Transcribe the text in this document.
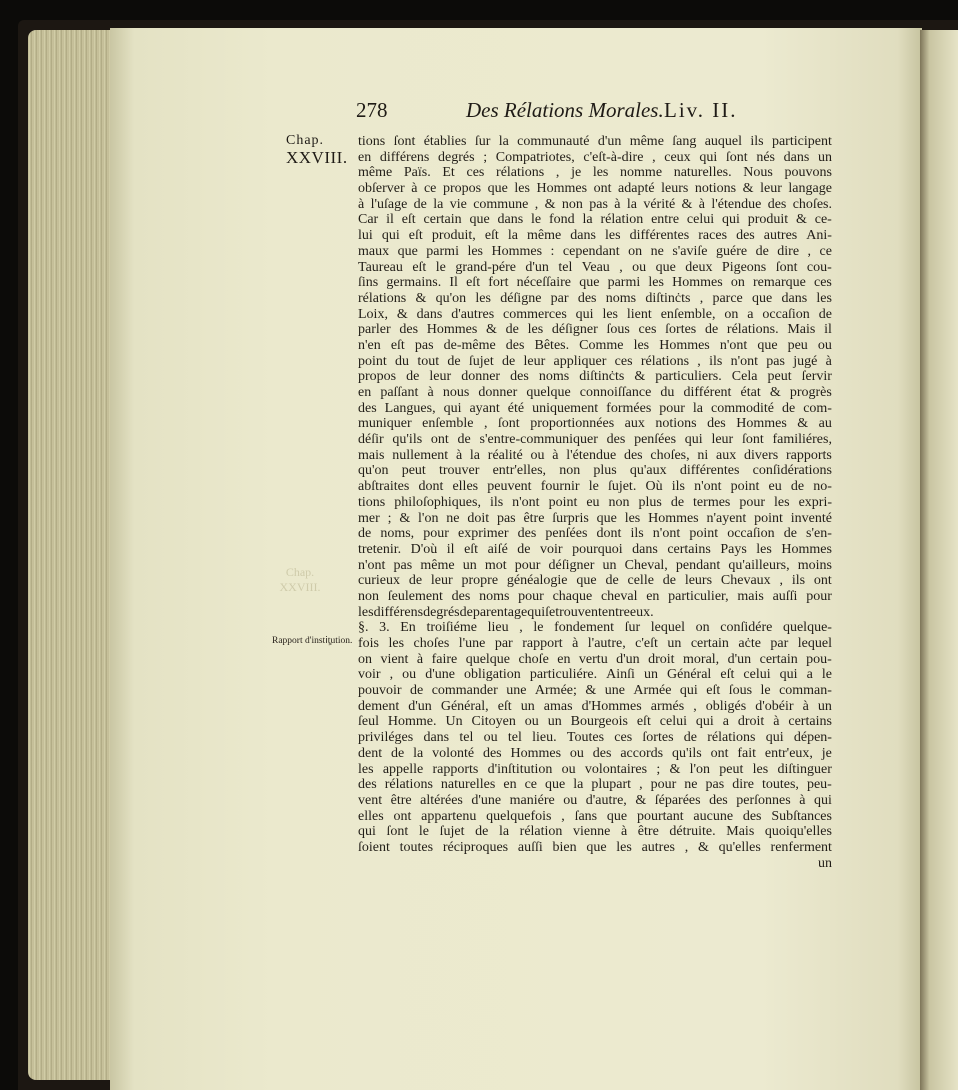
Chap.
XXVIII.
278	Des Rélations Morales. Liv. II.
Chap.
XXVIII.
Rapport d'instiٍtution.
tions ſont établies ſur la communauté d'un même ſang auquel ils participent
en différens degrés ; Compatriotes, c'eſt-à-dire , ceux qui ſont nés dans un
même Païs. Et ces rélations , je les nomme naturelles. Nous pouvons
obſerver à ce propos que les Hommes ont adapté leurs notions & leur langage
à l'uſage de la vie commune , & non pas à la vérité & à l'étendue des choſes.
Car il eſt certain que dans le fond la rélation entre celui qui produit & ce-
lui qui eſt produit, eſt la même dans les différentes races des autres Ani-
maux que parmi les Hommes : cependant on ne s'aviſe guére de dire , ce
Taureau eſt le grand-pére d'un tel Veau , ou que deux Pigeons ſont cou-
ſins germains. Il eſt fort néceſſaire que parmi les Hommes on remarque ces
rélations & qu'on les déſigne par des noms diſtinċts , parce que dans les
Loix, & dans d'autres commerces qui les lient enſemble, on a occaſion de
parler des Hommes & de les déſigner ſous ces ſortes de rélations. Mais il
n'en eſt pas de-même des Bêtes. Comme les Hommes n'ont que peu ou
point du tout de ſujet de leur appliquer ces rélations , ils n'ont pas jugé à
propos de leur donner des noms diſtinċts & particuliers. Cela peut ſervir
en paſſant à nous donner quelque connoiſſance du différent état & progrès
des Langues, qui ayant été uniquement formées pour la commodité de com-
muniquer enſemble , ſont proportionnées aux notions des Hommes & au
déſir qu'ils ont de s'entre-communiquer des penſées qui leur ſont familiéres,
mais nullement à la réalité ou à l'étendue des choſes, ni aux divers rapports
qu'on peut trouver entr'elles, non plus qu'aux différentes conſidérations
abſtraites dont elles peuvent fournir le ſujet. Où ils n'ont point eu de no-
tions philoſophiques, ils n'ont point eu non plus de termes pour les expri-
mer ; & l'on ne doit pas être ſurpris que les Hommes n'ayent point inventé
de noms, pour exprimer des penſées dont ils n'ont point occaſion de s'en-
tretenir. D'où il eſt aiſé de voir pourquoi dans certains Pays les Hommes
n'ont pas même un mot pour déſigner un Cheval, pendant qu'ailleurs, moins
curieux de leur propre généalogie que de celle de leurs Chevaux , ils ont
non ſeulement des noms pour chaque cheval en particulier, mais auſſi pour
les différens degrés de parentage qui ſe trouvent entre eux.
§. 3. En troiſiéme lieu , le fondement ſur lequel on conſidére quelque-
fois les choſes l'une par rapport à l'autre, c'eſt un certain aċte par lequel
on vient à faire quelque choſe en vertu d'un droit moral, d'un certain pou-
voir , ou d'une obligation particuliére. Ainſi un Général eſt celui qui a le
pouvoir de commander une Armée; & une Armée qui eſt ſous le comman-
dement d'un Général, eſt un amas d'Hommes armés , obligés d'obéir à un
ſeul Homme. Un Citoyen ou un Bourgeois eſt celui qui a droit à certains
priviléges dans tel ou tel lieu. Toutes ces ſortes de rélations qui dépen-
dent de la volonté des Hommes ou des accords qu'ils ont fait entr'eux, je
les appelle rapports d'inſtitution ou volontaires ; & l'on peut les diſtinguer
des rélations naturelles en ce que la plupart , pour ne pas dire toutes, peu-
vent être altérées d'une maniére ou d'autre, & ſéparées des perſonnes à qui
elles ont appartenu quelquefois , ſans que pourtant aucune des Subſtances
qui ſont le ſujet de la rélation vienne à être détruite. Mais quoiqu'elles
ſoient toutes réciproques auſſi bien que les autres , & qu'elles renferment
un
